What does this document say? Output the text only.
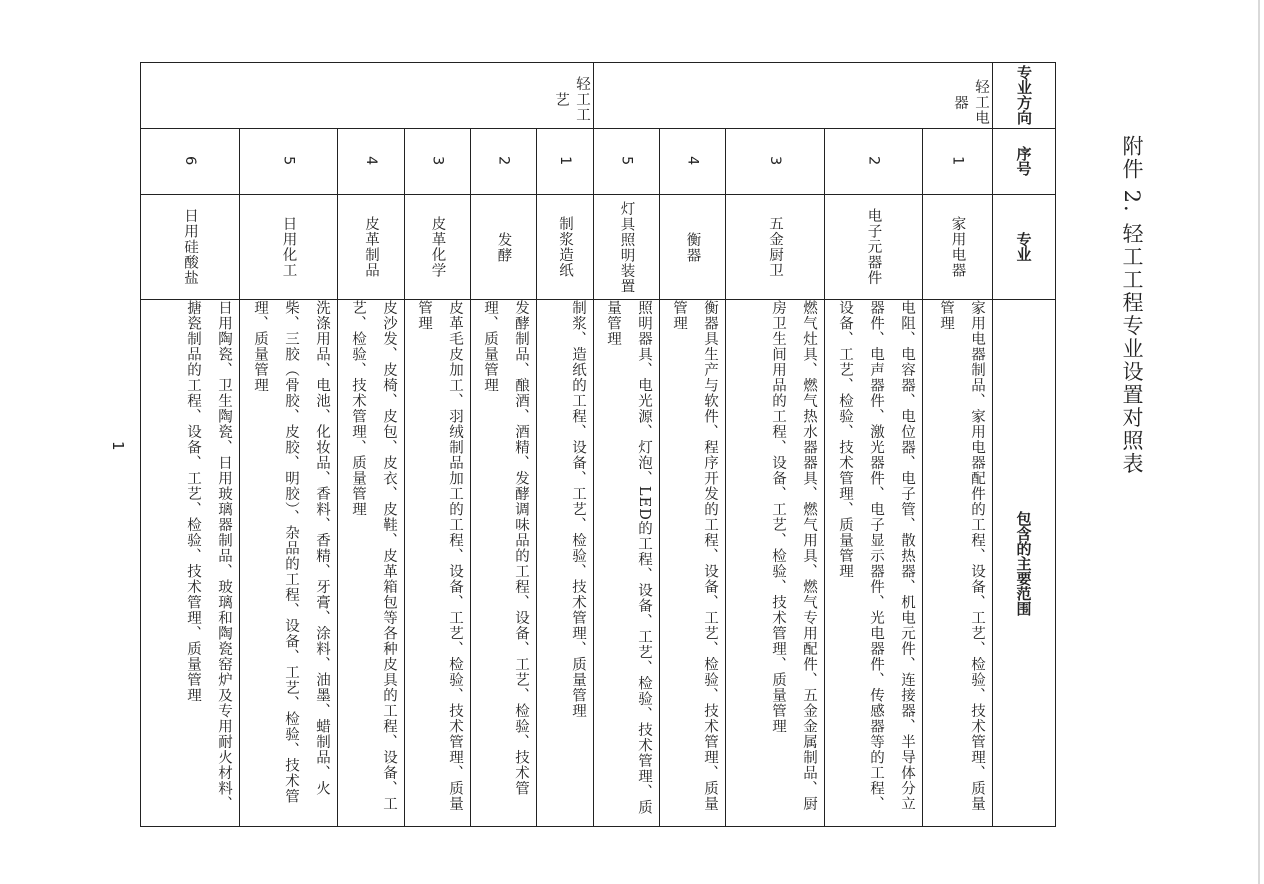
附件 2. 轻工工程专业设置对照表
专业方向	序号	专业	包含的主要范围

轻工电器	1	家用电器	家用电器制品、家用电器配件的工程、设备、工艺、检验、技术管理、质量管理
2	电子元器件	电阻、电容器、电位器、电子管、散热器、机电元件、连接器、半导体分立器件、电声器件、激光器件、电子显示器件、光电器件、传感器等的工程、设备、工艺、检验、技术管理、质量管理
3	五金厨卫	燃气灶具、燃气热水器器具、燃气用具、燃气专用配件、五金金属制品、厨房卫生间用品的工程、设备、工艺、检验、技术管理、质量管理
4	衡器	衡器具生产与软件、程序开发的工程、设备、工艺、检验、技术管理、质量管理
5	灯具照明装置	照明器具、电光源、灯泡、LED的工程、设备、工艺、检验、技术管理、质量管理

轻工工艺	1	制浆造纸	制浆、造纸的工程、设备、工艺、检验、技术管理、质量管理
2	发酵	发酵制品、酿酒、酒精、发酵调味品的工程、设备、工艺、检验、技术管理、质量管理
3	皮革化学	皮革毛皮加工、羽绒制品加工的工程、设备、工艺、检验、技术管理、质量管理
4	皮革制品	皮沙发、皮椅、皮包、皮衣、皮鞋、皮革箱包等各种皮具的工程、设备、工艺、检验、技术管理、质量管理
5	日用化工	洗涤用品、电池、化妆品、香料、香精、牙膏、涂料、油墨、蜡制品、火柴、三胶（骨胶、皮胶、明胶）、杂品的工程、设备、工艺、检验、技术管理、质量管理
6	日用硅酸盐	日用陶瓷、卫生陶瓷、日用玻璃器制品、玻璃和陶瓷窑炉及专用耐火材料、搪瓷制品的工程、设备、工艺、检验、技术管理、质量管理
1
